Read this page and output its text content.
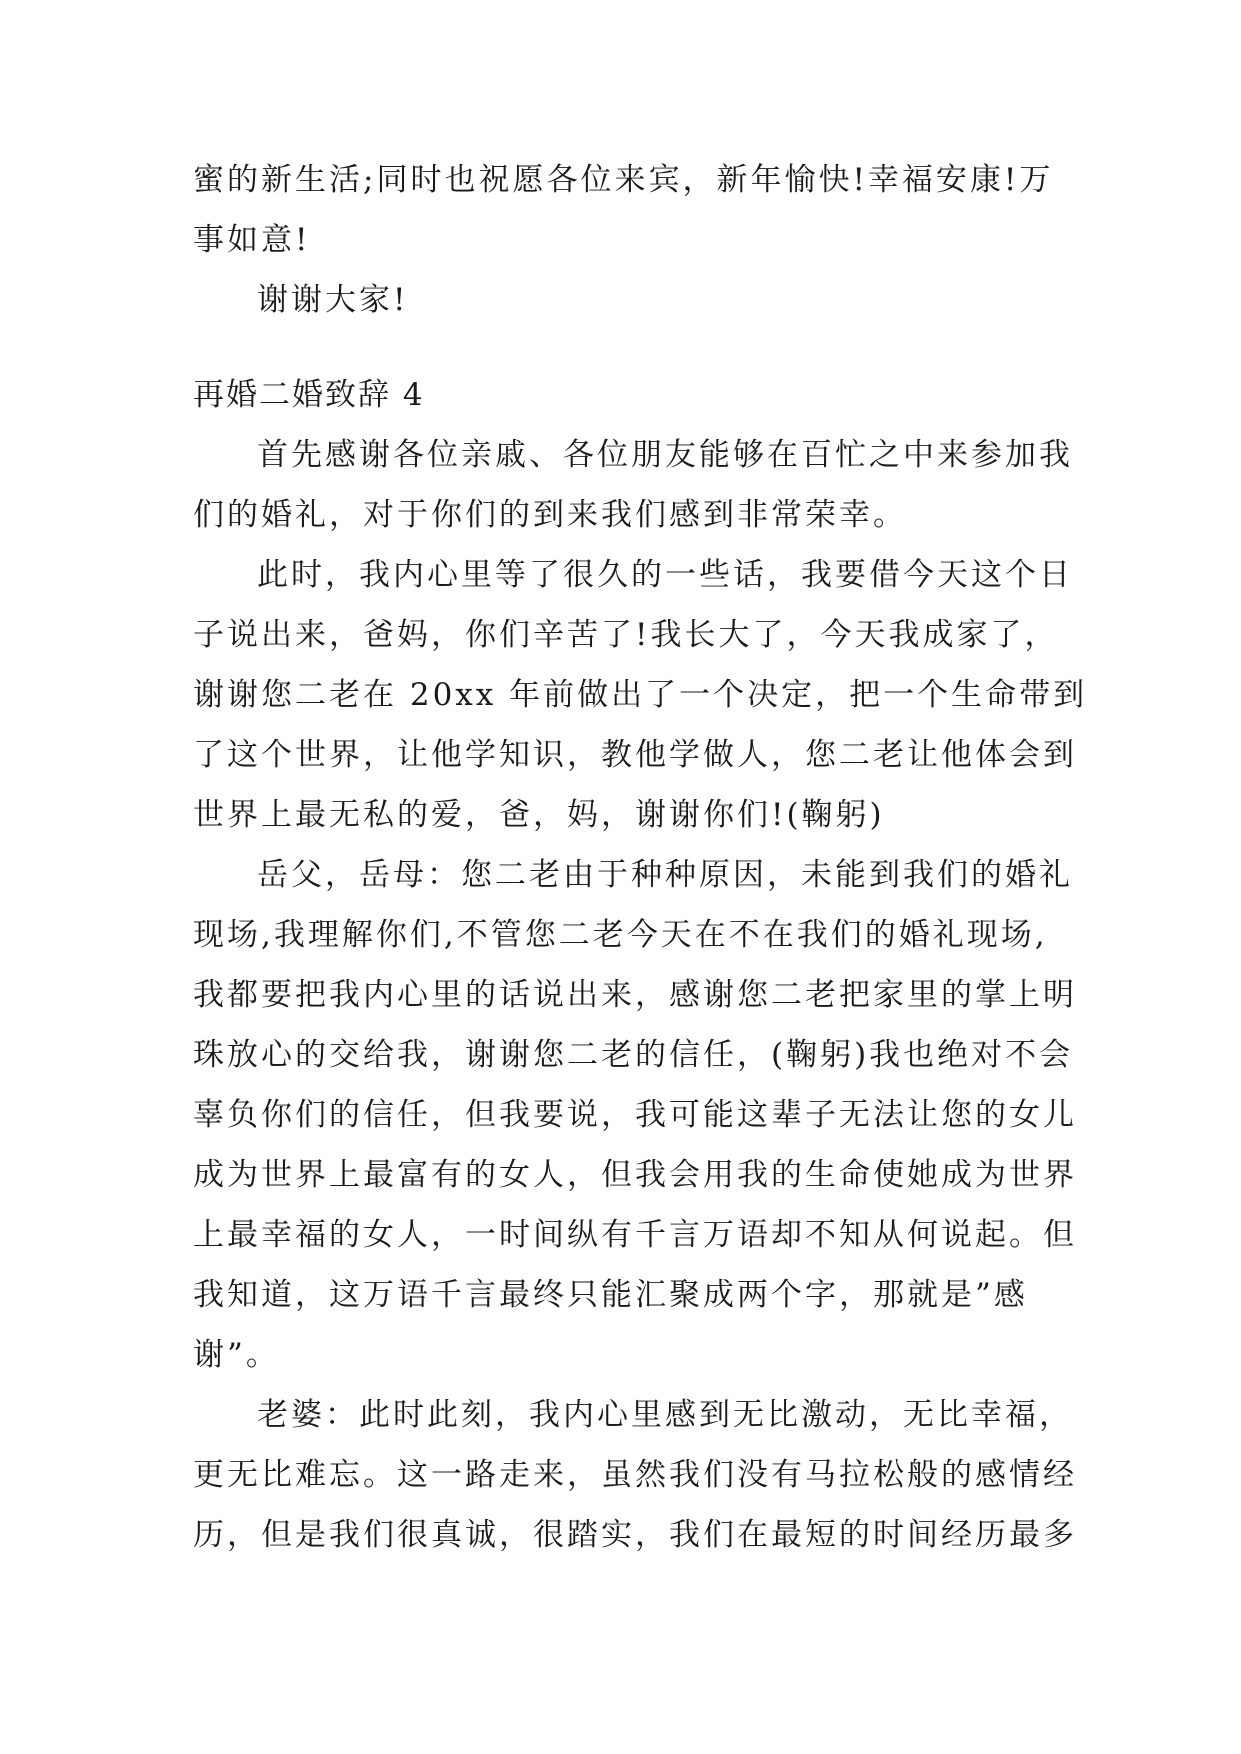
蜜的新生活;同时也祝愿各位来宾，新年愉快!幸福安康!万
事如意!
谢谢大家!
再婚二婚致辞 4
首先感谢各位亲戚、各位朋友能够在百忙之中来参加我
们的婚礼，对于你们的到来我们感到非常荣幸。
此时，我内心里等了很久的一些话，我要借今天这个日
子说出来，爸妈，你们辛苦了!我长大了，今天我成家了，
谢谢您二老在 20xx 年前做出了一个决定，把一个生命带到
了这个世界，让他学知识，教他学做人，您二老让他体会到
世界上最无私的爱，爸，妈，谢谢你们!(鞠躬)
岳父，岳母：您二老由于种种原因，未能到我们的婚礼
现场,我理解你们,不管您二老今天在不在我们的婚礼现场,
我都要把我内心里的话说出来，感谢您二老把家里的掌上明
珠放心的交给我，谢谢您二老的信任，(鞠躬)我也绝对不会
辜负你们的信任，但我要说，我可能这辈子无法让您的女儿
成为世界上最富有的女人，但我会用我的生命使她成为世界
上最幸福的女人，一时间纵有千言万语却不知从何说起。但
我知道，这万语千言最终只能汇聚成两个字，那就是”感
谢”。
老婆：此时此刻，我内心里感到无比激动，无比幸福，
更无比难忘。这一路走来，虽然我们没有马拉松般的感情经
历，但是我们很真诚，很踏实，我们在最短的时间经历最多
